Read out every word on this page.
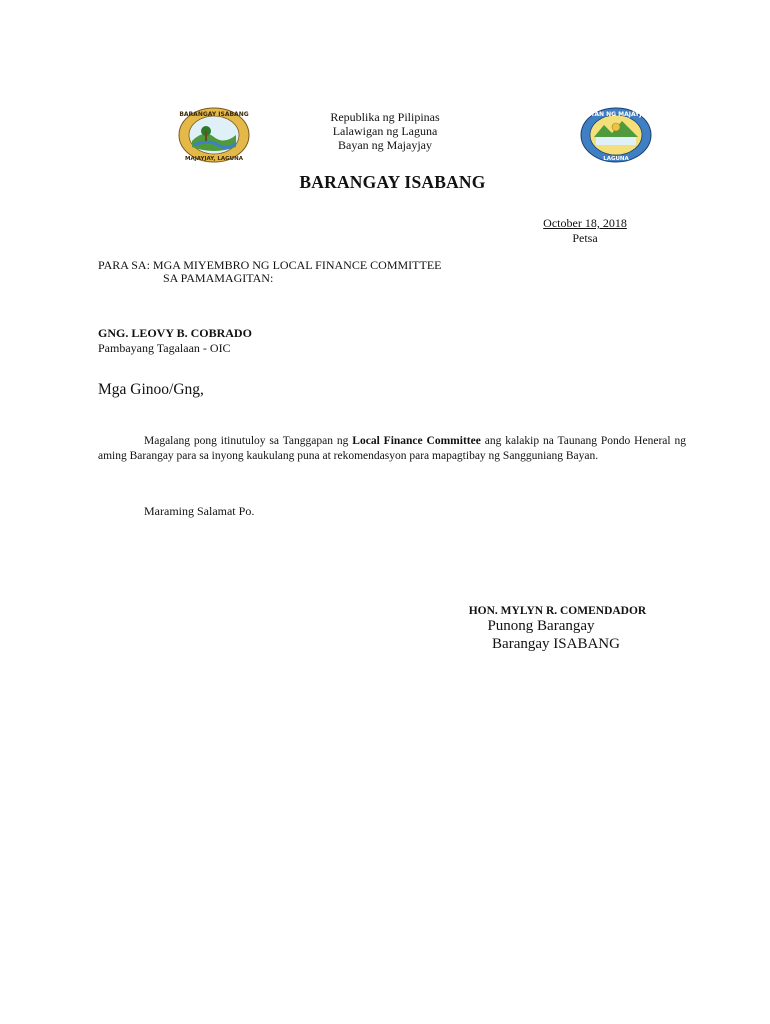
BARANGAY ISABANG
MAJAYJAY, LAGUNA
BAYAN NG MAJAYJAY
LAGUNA
Republika ng Pilipinas
Lalawigan ng Laguna
Bayan ng Majayjay
BARANGAY ISABANG
October 18, 2018
Petsa
PARA SA: MGA MIYEMBRO NG LOCAL FINANCE COMMITTEE
SA PAMAMAGITAN:
GNG. LEOVY B. COBRADO
Pambayang Tagalaan - OIC
Mga Ginoo/Gng,
Magalang pong itinutuloy sa Tanggapan ng Local Finance Committee ang kalakip na Taunang Pondo Heneral ng aming Barangay para sa inyong kaukulang puna at rekomendasyon para mapagtibay ng Sangguniang Bayan.
Maraming Salamat Po.
HON. MYLYN R. COMENDADOR
Punong Barangay
Barangay ISABANG
